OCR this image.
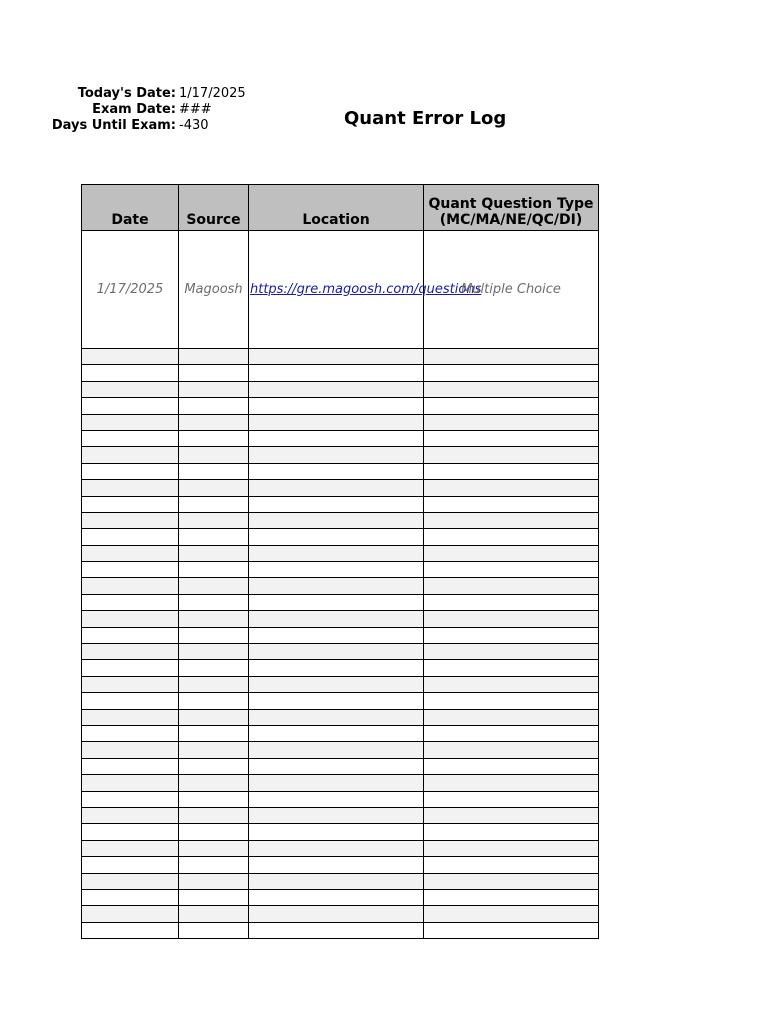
Today's Date: 1/17/2025
Exam Date: ###
Days Until Exam: -430	Quant Error Log
Date	Source	Location	Quant Question Type (MC/MA/NE/QC/DI)
1/17/2025	Magoosh	https://gre.magoosh.com/questions	Multiple Choice
